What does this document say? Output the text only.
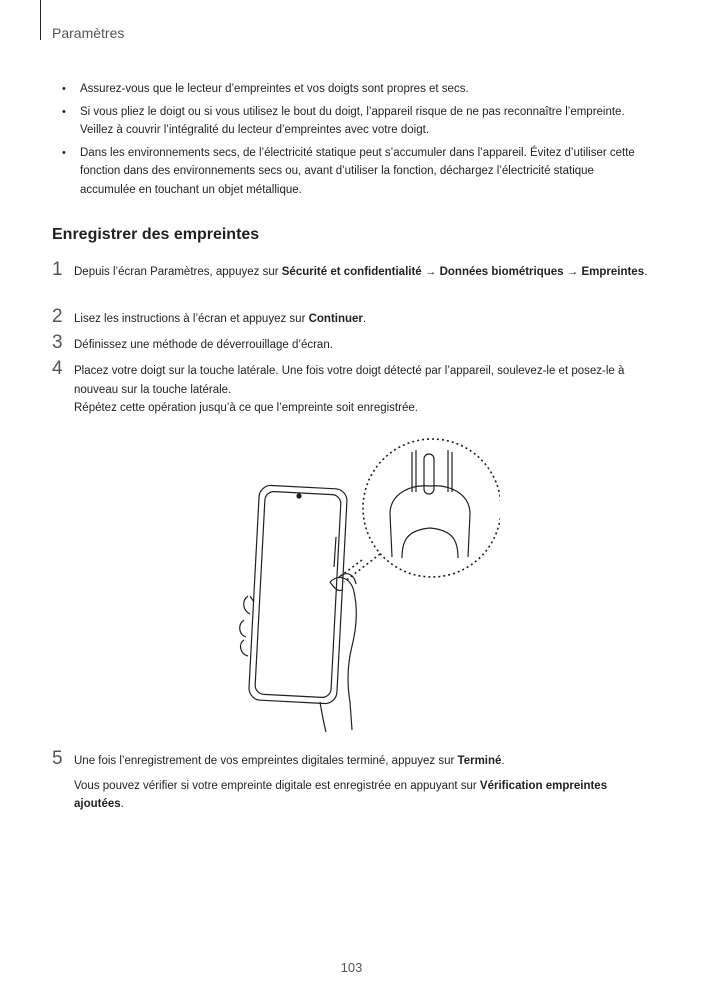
Paramètres
• Assurez-vous que le lecteur d’empreintes et vos doigts sont propres et secs.
• Si vous pliez le doigt ou si vous utilisez le bout du doigt, l’appareil risque de ne pas reconnaître l’empreinte. Veillez à couvrir l’intégralité du lecteur d’empreintes avec votre doigt.
• Dans les environnements secs, de l’électricité statique peut s’accumuler dans l’appareil. Évitez d’utiliser cette fonction dans des environnements secs ou, avant d’utiliser la fonction, déchargez l’électricité statique accumulée en touchant un objet métallique.
Enregistrer des empreintes
1 Depuis l’écran Paramètres, appuyez sur Sécurité et confidentialité → Données biométriques → Empreintes.
2 Lisez les instructions à l’écran et appuyez sur Continuer.
3 Définissez une méthode de déverrouillage d’écran.
4 Placez votre doigt sur la touche latérale. Une fois votre doigt détecté par l’appareil, soulevez-le et posez-le à nouveau sur la touche latérale.
Répétez cette opération jusqu’à ce que l’empreinte soit enregistrée.
5 Une fois l’enregistrement de vos empreintes digitales terminé, appuyez sur Terminé.
Vous pouvez vérifier si votre empreinte digitale est enregistrée en appuyant sur Vérification empreintes ajoutées.
103
